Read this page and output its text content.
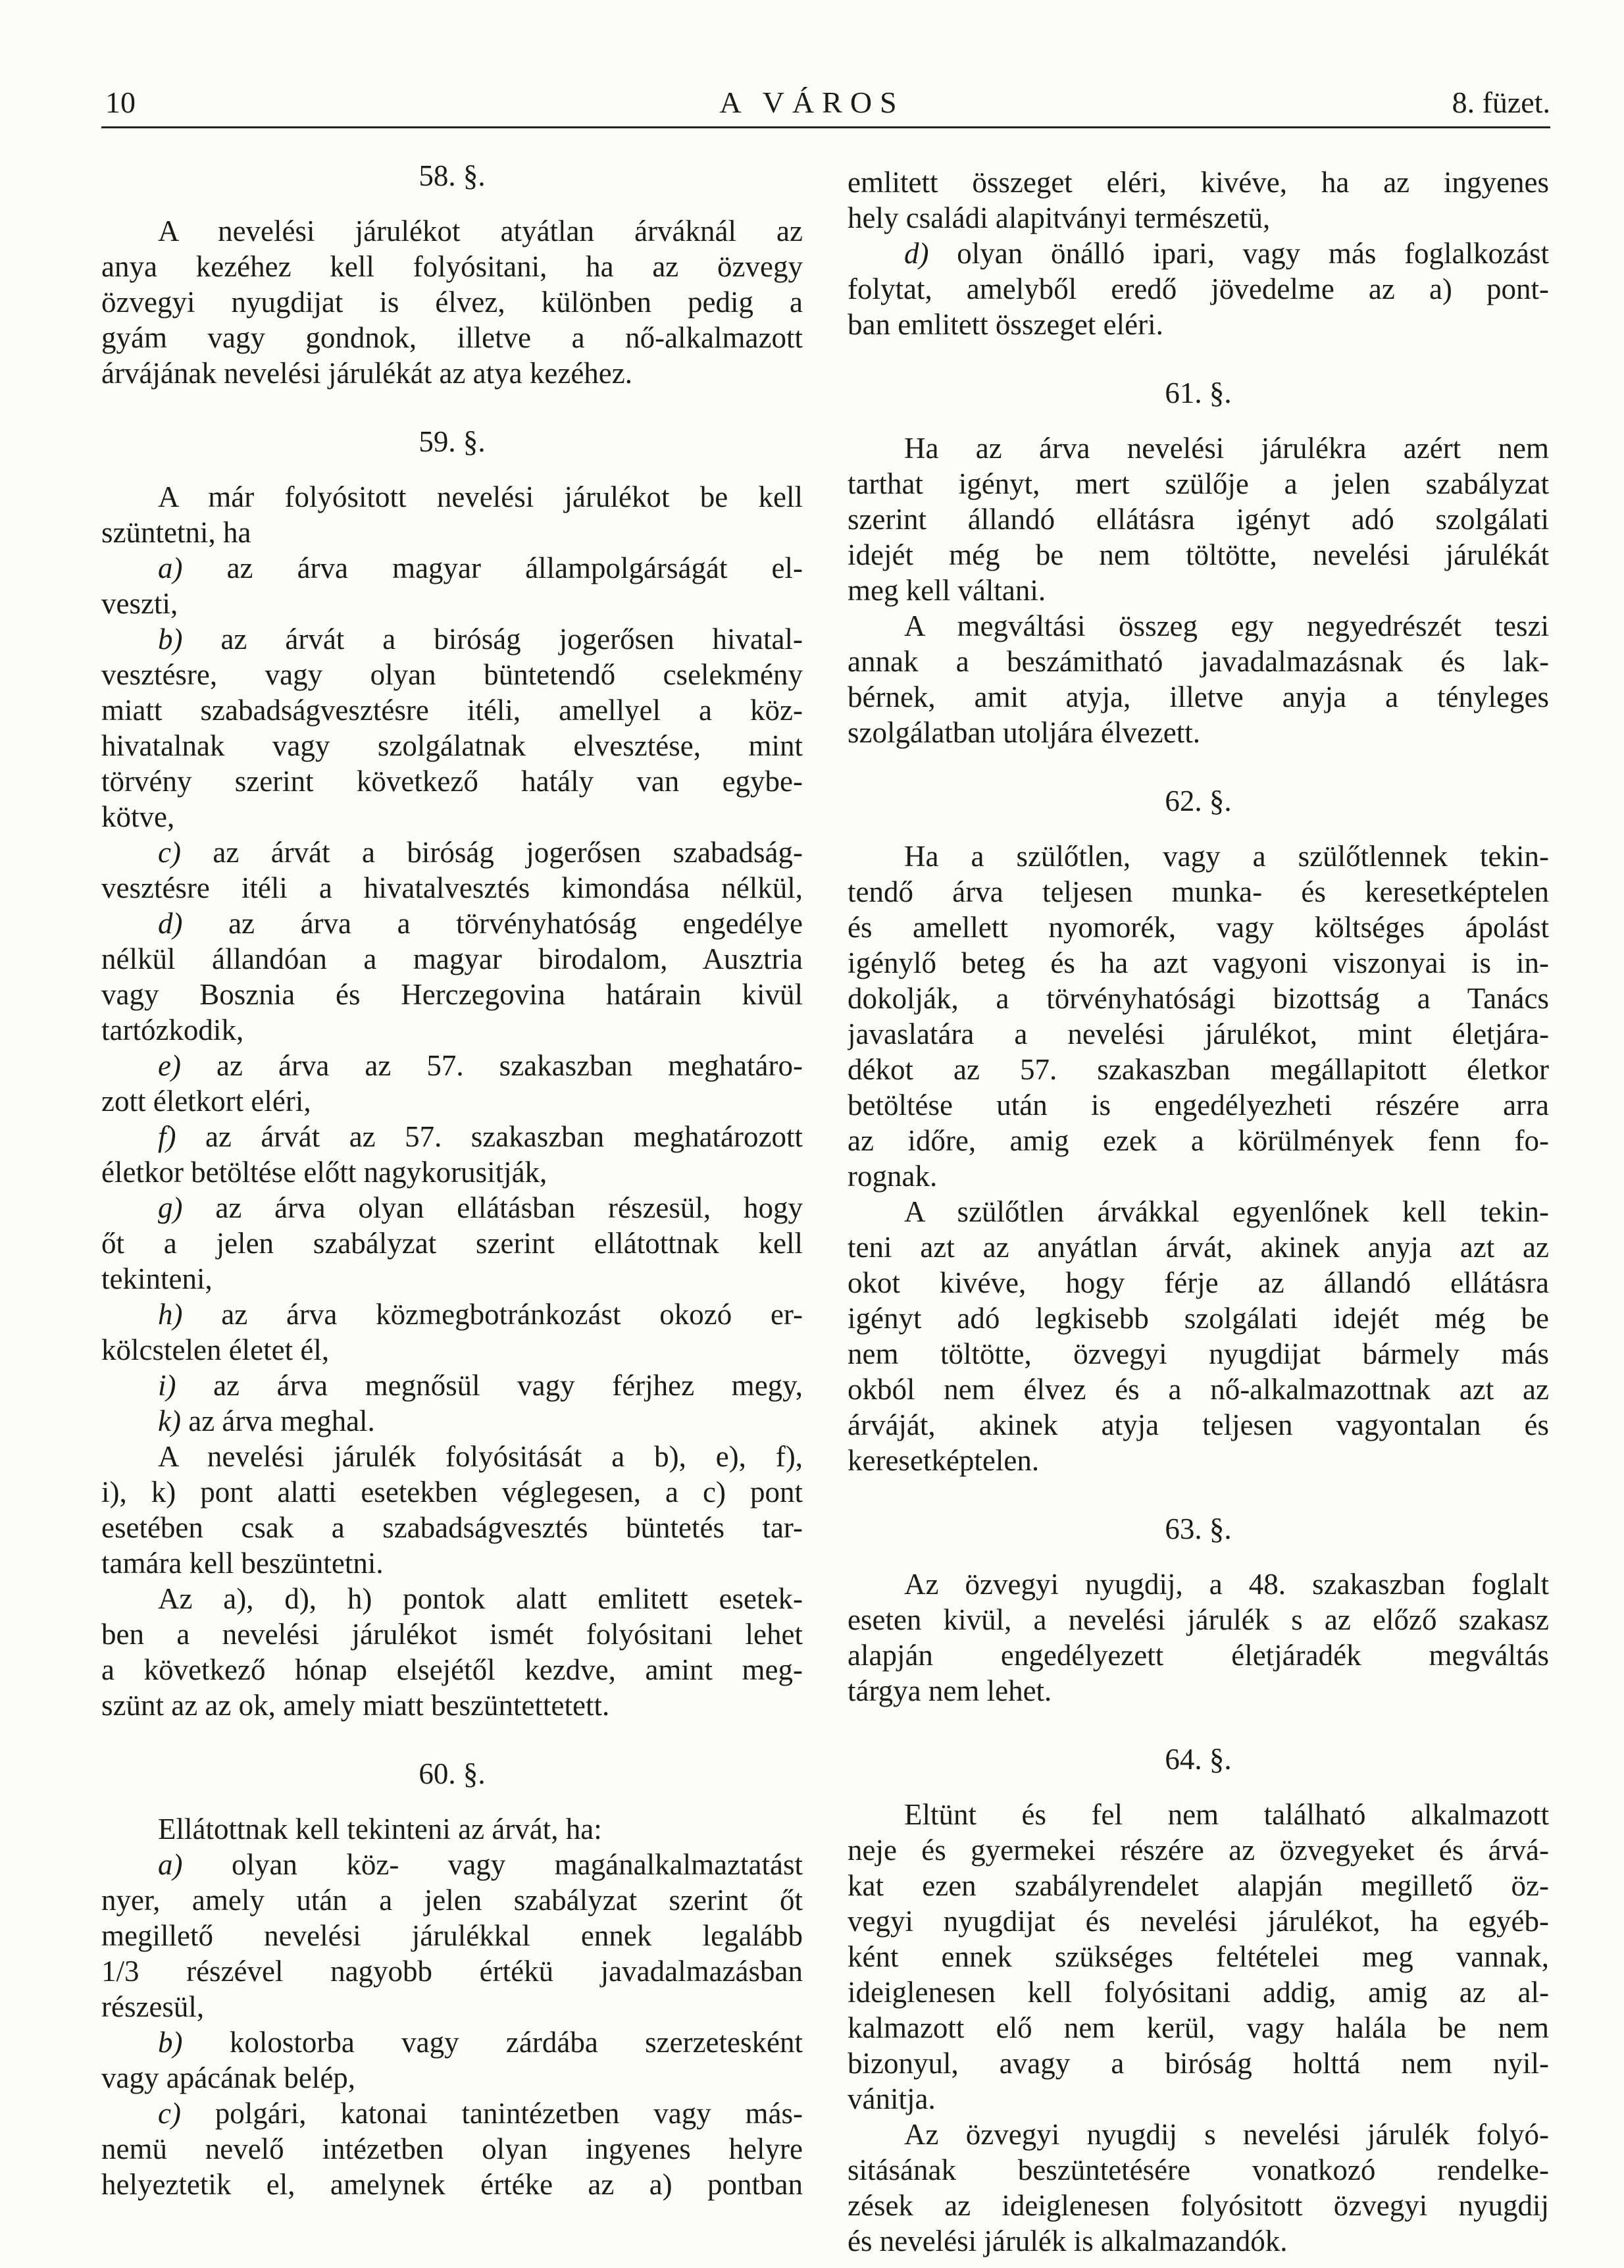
10	A VÁROS	8. füzet.
58. §.
A nevelési járulékot atyátlan árváknál az
anya kezéhez kell folyósitani, ha az özvegy
özvegyi nyugdijat is élvez, különben pedig a
gyám vagy gondnok, illetve a nő-alkalmazott
árvájának nevelési járulékát az atya kezéhez.
59. §.
A már folyósitott nevelési járulékot be kell
szüntetni, ha
a) az árva magyar állampolgárságát el-
veszti,
b) az árvát a biróság jogerősen hivatal-
vesztésre, vagy olyan büntetendő cselekmény
miatt szabadságvesztésre itéli, amellyel a köz-
hivatalnak vagy szolgálatnak elvesztése, mint
törvény szerint következő hatály van egybe-
kötve,
c) az árvát a biróság jogerősen szabadság-
vesztésre itéli a hivatalvesztés kimondása nélkül,
d) az árva a törvényhatóság engedélye
nélkül állandóan a magyar birodalom, Ausztria
vagy Bosznia és Herczegovina határain kivül
tartózkodik,
e) az árva az 57. szakaszban meghatáro-
zott életkort eléri,
f) az árvát az 57. szakaszban meghatározott
életkor betöltése előtt nagykorusitják,
g) az árva olyan ellátásban részesül, hogy
őt a jelen szabályzat szerint ellátottnak kell
tekinteni,
h) az árva közmegbotránkozást okozó er-
kölcstelen életet él,
i) az árva megnősül vagy férjhez megy,
k) az árva meghal.
A nevelési járulék folyósitását a b), e), f),
i), k) pont alatti esetekben véglegesen, a c) pont
esetében csak a szabadságvesztés büntetés tar-
tamára kell beszüntetni.
Az a), d), h) pontok alatt emlitett esetek-
ben a nevelési járulékot ismét folyósitani lehet
a következő hónap elsejétől kezdve, amint meg-
szünt az az ok, amely miatt beszüntettetett.
60. §.
Ellátottnak kell tekinteni az árvát, ha:
a) olyan köz- vagy magánalkalmaztatást
nyer, amely után a jelen szabályzat szerint őt
megillető nevelési járulékkal ennek legalább
1/3 részével nagyobb értékü javadalmazásban
részesül,
b) kolostorba vagy zárdába szerzetesként
vagy apácának belép,
c) polgári, katonai tanintézetben vagy más-
nemü nevelő intézetben olyan ingyenes helyre
helyeztetik el, amelynek értéke az a) pontban
emlitett összeget eléri, kivéve, ha az ingyenes
hely családi alapitványi természetü,
d) olyan önálló ipari, vagy más foglalkozást
folytat, amelyből eredő jövedelme az a) pont-
ban emlitett összeget eléri.
61. §.
Ha az árva nevelési járulékra azért nem
tarthat igényt, mert szülője a jelen szabályzat
szerint állandó ellátásra igényt adó szolgálati
idejét még be nem töltötte, nevelési járulékát
meg kell váltani.
A megváltási összeg egy negyedrészét teszi
annak a beszámitható javadalmazásnak és lak-
bérnek, amit atyja, illetve anyja a tényleges
szolgálatban utoljára élvezett.
62. §.
Ha a szülőtlen, vagy a szülőtlennek tekin-
tendő árva teljesen munka- és keresetképtelen
és amellett nyomorék, vagy költséges ápolást
igénylő beteg és ha azt vagyoni viszonyai is in-
dokolják, a törvényhatósági bizottság a Tanács
javaslatára a nevelési járulékot, mint életjára-
dékot az 57. szakaszban megállapitott életkor
betöltése után is engedélyezheti részére arra
az időre, amig ezek a körülmények fenn fo-
rognak.
A szülőtlen árvákkal egyenlőnek kell tekin-
teni azt az anyátlan árvát, akinek anyja azt az
okot kivéve, hogy férje az állandó ellátásra
igényt adó legkisebb szolgálati idejét még be
nem töltötte, özvegyi nyugdijat bármely más
okból nem élvez és a nő-alkalmazottnak azt az
árváját, akinek atyja teljesen vagyontalan és
keresetképtelen.
63. §.
Az özvegyi nyugdij, a 48. szakaszban foglalt
eseten kivül, a nevelési járulék s az előző szakasz
alapján engedélyezett életjáradék megváltás
tárgya nem lehet.
64. §.
Eltünt és fel nem található alkalmazott
neje és gyermekei részére az özvegyeket és árvá-
kat ezen szabályrendelet alapján megillető öz-
vegyi nyugdijat és nevelési járulékot, ha egyéb-
ként ennek szükséges feltételei meg vannak,
ideiglenesen kell folyósitani addig, amig az al-
kalmazott elő nem kerül, vagy halála be nem
bizonyul, avagy a biróság holttá nem nyil-
vánitja.
Az özvegyi nyugdij s nevelési járulék folyó-
sitásának beszüntetésére vonatkozó rendelke-
zések az ideiglenesen folyósitott özvegyi nyugdij
és nevelési járulék is alkalmazandók.
